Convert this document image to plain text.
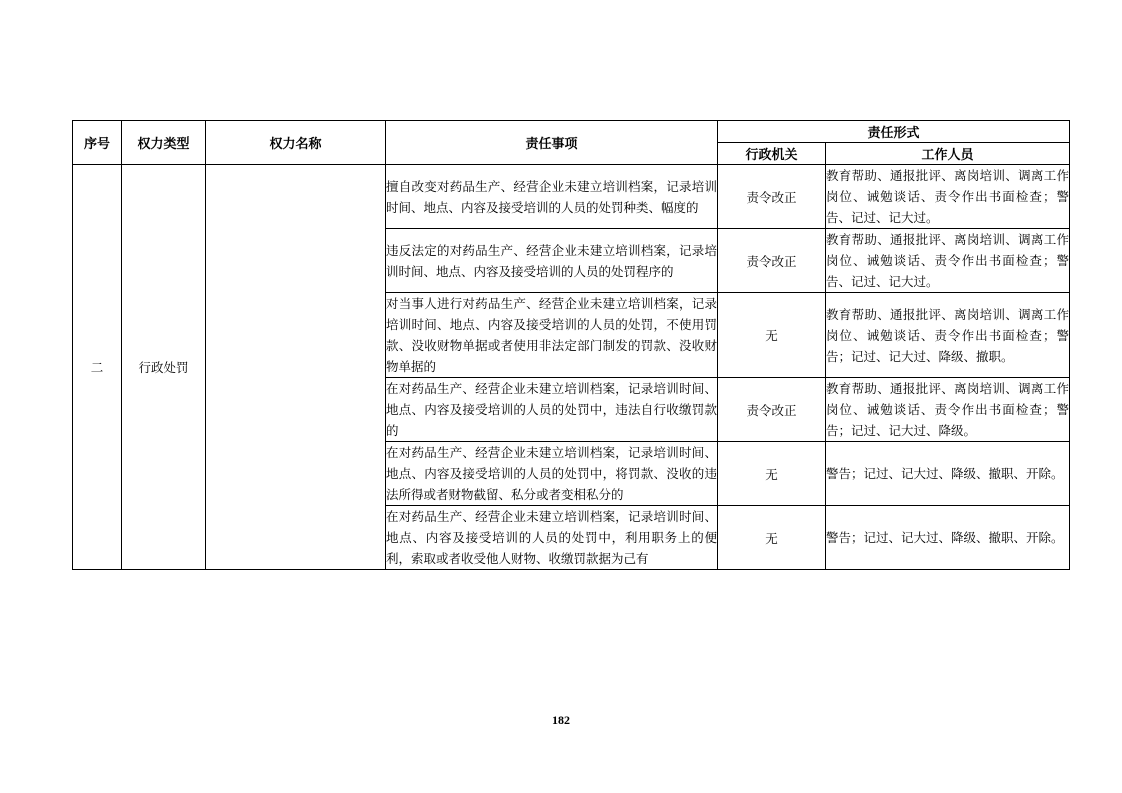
序号	权力类型	权力名称	责任事项	责任形式	
				行政机关	工作人员
二	行政处罚		擅自改变对药品生产、经营企业未建立培训档案，记录培训时间、地点、内容及接受培训的人员的处罚种类、幅度的	责令改正	教育帮助、通报批评、离岗培训、调离工作岗位、诫勉谈话、责令作出书面检查；警告、记过、记大过。
			违反法定的对药品生产、经营企业未建立培训档案，记录培训时间、地点、内容及接受培训的人员的处罚程序的	责令改正	教育帮助、通报批评、离岗培训、调离工作岗位、诫勉谈话、责令作出书面检查；警告、记过、记大过。
			对当事人进行对药品生产、经营企业未建立培训档案，记录培训时间、地点、内容及接受培训的人员的处罚，不使用罚款、没收财物单据或者使用非法定部门制发的罚款、没收财物单据的	无	教育帮助、通报批评、离岗培训、调离工作岗位、诫勉谈话、责令作出书面检查；警告；记过、记大过、降级、撤职。
			在对药品生产、经营企业未建立培训档案，记录培训时间、地点、内容及接受培训的人员的处罚中，违法自行收缴罚款的	责令改正	教育帮助、通报批评、离岗培训、调离工作岗位、诫勉谈话、责令作出书面检查；警告；记过、记大过、降级。
			在对药品生产、经营企业未建立培训档案，记录培训时间、地点、内容及接受培训的人员的处罚中，将罚款、没收的违法所得或者财物截留、私分或者变相私分的	无	警告；记过、记大过、降级、撤职、开除。
			在对药品生产、经营企业未建立培训档案，记录培训时间、地点、内容及接受培训的人员的处罚中，利用职务上的便利，索取或者收受他人财物、收缴罚款据为己有	无	警告；记过、记大过、降级、撤职、开除。
182
